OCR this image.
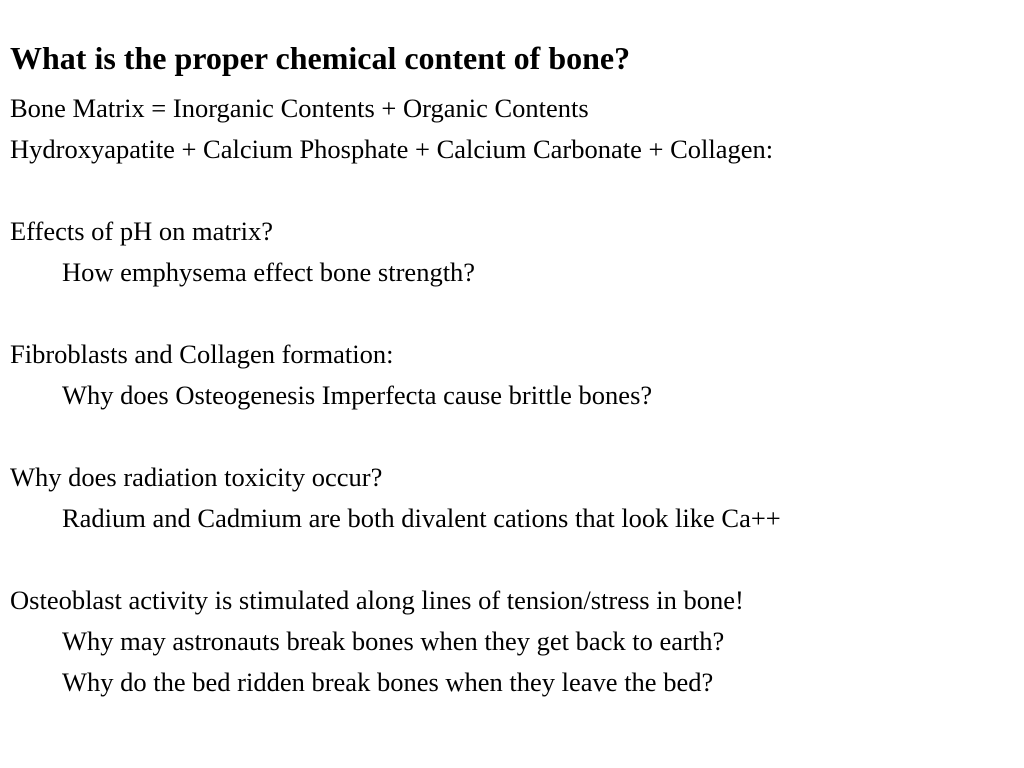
What is the proper chemical content of bone?
Bone Matrix = Inorganic Contents + Organic Contents
Hydroxyapatite + Calcium Phosphate + Calcium Carbonate + Collagen:
Effects of pH on matrix?
How emphysema effect bone strength?
Fibroblasts and Collagen formation:
Why does Osteogenesis Imperfecta cause brittle bones?
Why does radiation toxicity occur?
Radium and Cadmium are both divalent cations that look like Ca++
Osteoblast activity is stimulated along lines of tension/stress in bone!
Why may astronauts break bones when they get back to earth?
Why do the bed ridden break bones when they leave the bed?
